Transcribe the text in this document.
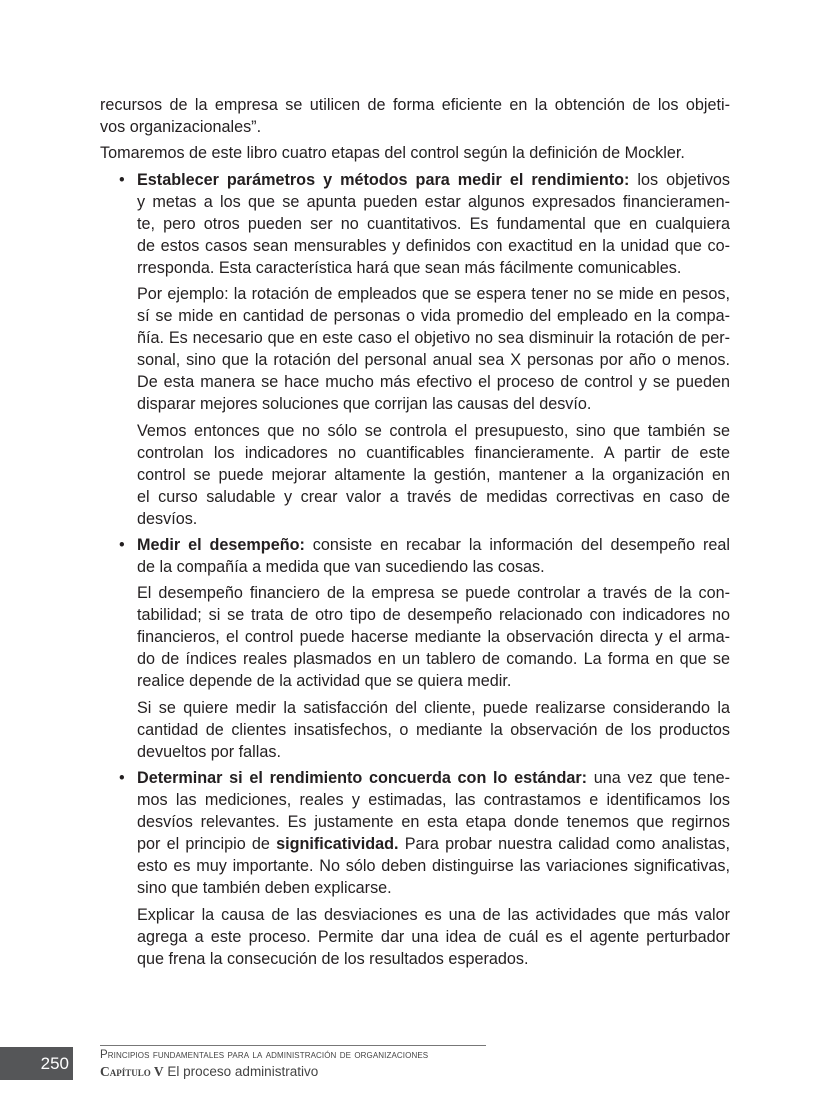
recursos de la empresa se utilicen de forma eficiente en la obtención de los objeti-
vos organizacionales”.
Tomaremos de este libro cuatro etapas del control según la definición de Mockler.
• Establecer parámetros y métodos para medir el rendimiento: los objetivos
y metas a los que se apunta pueden estar algunos expresados financieramen-
te, pero otros pueden ser no cuantitativos. Es fundamental que en cualquiera
de estos casos sean mensurables y definidos con exactitud en la unidad que co-
rresponda. Esta característica hará que sean más fácilmente comunicables.
Por ejemplo: la rotación de empleados que se espera tener no se mide en pesos,
sí se mide en cantidad de personas o vida promedio del empleado en la compa-
ñía. Es necesario que en este caso el objetivo no sea disminuir la rotación de per-
sonal, sino que la rotación del personal anual sea X personas por año o menos.
De esta manera se hace mucho más efectivo el proceso de control y se pueden
disparar mejores soluciones que corrijan las causas del desvío.
Vemos entonces que no sólo se controla el presupuesto, sino que también se
controlan los indicadores no cuantificables financieramente. A partir de este
control se puede mejorar altamente la gestión, mantener a la organización en
el curso saludable y crear valor a través de medidas correctivas en caso de
desvíos.
• Medir el desempeño: consiste en recabar la información del desempeño real
de la compañía a medida que van sucediendo las cosas.
El desempeño financiero de la empresa se puede controlar a través de la con-
tabilidad; si se trata de otro tipo de desempeño relacionado con indicadores no
financieros, el control puede hacerse mediante la observación directa y el arma-
do de índices reales plasmados en un tablero de comando. La forma en que se
realice depende de la actividad que se quiera medir.
Si se quiere medir la satisfacción del cliente, puede realizarse considerando la
cantidad de clientes insatisfechos, o mediante la observación de los productos
devueltos por fallas.
• Determinar si el rendimiento concuerda con lo estándar: una vez que tene-
mos las mediciones, reales y estimadas, las contrastamos e identificamos los
desvíos relevantes. Es justamente en esta etapa donde tenemos que regirnos
por el principio de significatividad. Para probar nuestra calidad como analistas,
esto es muy importante. No sólo deben distinguirse las variaciones significativas,
sino que también deben explicarse.
Explicar la causa de las desviaciones es una de las actividades que más valor
agrega a este proceso. Permite dar una idea de cuál es el agente perturbador
que frena la consecución de los resultados esperados.
250	Principios fundamentales para la administración de organizaciones
Capítulo V El proceso administrativo
